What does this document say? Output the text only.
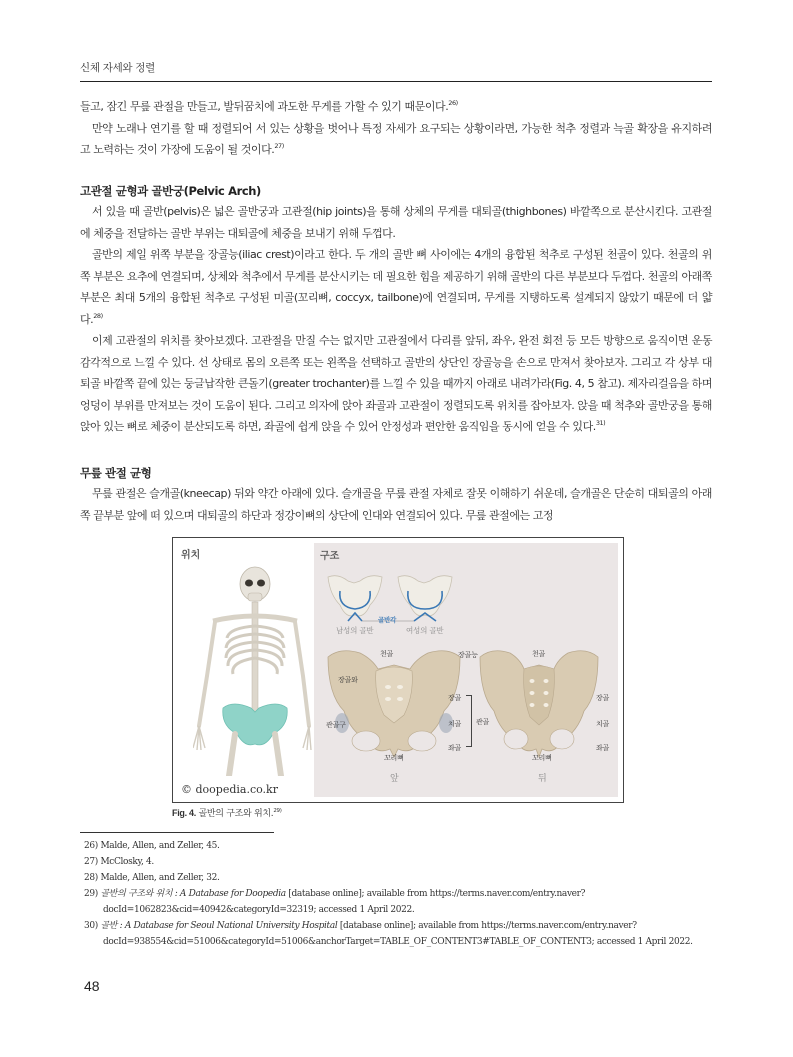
신체 자세와 정렬

들고, 잠긴 무릎 관절을 만들고, 발뒤꿈치에 과도한 무게를 가할 수 있기 때문이다.$^{26)}$

만약 노래나 연기를 할 때 정렬되어 서 있는 상황을 벗어나 특정 자세가 요구되는 상황이라면, 가능한 척추 정렬과 늑골 확장을 유지하려고 노력하는 것이 가장에 도움이 될 것이다.$^{27)}$

고관절 균형과 골반궁(Pelvic Arch)

서 있을 때 골반(pelvis)은 넓은 골반궁과 고관절(hip joints)을 통해 상체의 무게를 대퇴골(thighbones) 바깥쪽으로 분산시킨다. 고관절에 체중을 전달하는 골반 부위는 대퇴골에 체중을 보내기 위해 두껍다.

골반의 제일 위쪽 부분을 장골능(iliac crest)이라고 한다. 두 개의 골반 뼈 사이에는 4개의 융합된 척추로 구성된 천골이 있다. 천골의 위쪽 부분은 요추에 연결되며, 상체와 척추에서 무게를 분산시키는 데 필요한 힘을 제공하기 위해 골반의 다른 부분보다 두껍다. 천골의 아래쪽 부분은 최대 5개의 융합된 척추로 구성된 미골(꼬리뼈, coccyx, tailbone)에 연결되며, 무게를 지탱하도록 설계되지 않았기 때문에 더 얇다.$^{28)}$

이제 고관절의 위치를 찾아보겠다. 고관절을 만질 수는 없지만 고관절에서 다리를 앞뒤, 좌우, 완전 회전 등 모든 방향으로 움직이면 운동 감각적으로 느낄 수 있다. 선 상태로 몸의 오른쪽 또는 왼쪽을 선택하고 골반의 상단인 장골능을 손으로 만져서 찾아보자. 그리고 각 상부 대퇴골 바깥쪽 끝에 있는 둥글납작한 큰돌기(greater trochanter)를 느낄 수 있을 때까지 아래로 내려가라(Fig. 4, 5 참고). 제자리걸음을 하며 엉덩이 부위를 만져보는 것이 도움이 된다. 그리고 의자에 앉아 좌골과 고관절이 정렬되도록 위치를 잡아보자. 앉을 때 척추와 골반궁을 통해 앉아 있는 뼈로 체중이 분산되도록 하면, 좌골에 쉽게 앉을 수 있어 안정성과 편안한 움직임을 동시에 얻을 수 있다.$^{31)}$

무릎 관절 균형

무릎 관절은 슬개골(kneecap) 뒤와 약간 아래에 있다. 슬개골을 무릎 관절 자체로 잘못 이해하기 쉬운데, 슬개골은 단순히 대퇴골의 아래쪽 끝부분 앞에 떠 있으며 대퇴골의 하단과 정강이뼈의 상단에 인대와 연결되어 있다. 무릎 관절에는 고정

위치
© doopedia.co.kr
구조
골반각
남성의 골반	여성의 골반
천골
장골와
장골능
장골
치골
좌골
관골
관골구
꼬리뼈
앞
천골
장골
치골
좌골
꼬리뼈
뒤
Fig. 4. 골반의 구조와 위치.$^{29)}$
26) Malde, Allen, and Zeller, 45.
27) McClosky, 4.
28) Malde, Allen, and Zeller, 32.
29) 골반의 구조와 위치 : A Database for Doopedia [database online]; available from https://terms.naver.com/entry.naver?docId=1062823&cid=40942&categoryId=32319; accessed 1 April 2022.
30) 골반 : A Database for Seoul National University Hospital [database online]; available from https://terms.naver.com/entry.naver?docId=938554&cid=51006&categoryId=51006&anchorTarget=TABLE_OF_CONTENT3#TABLE_OF_CONTENT3; accessed 1 April 2022.
48
